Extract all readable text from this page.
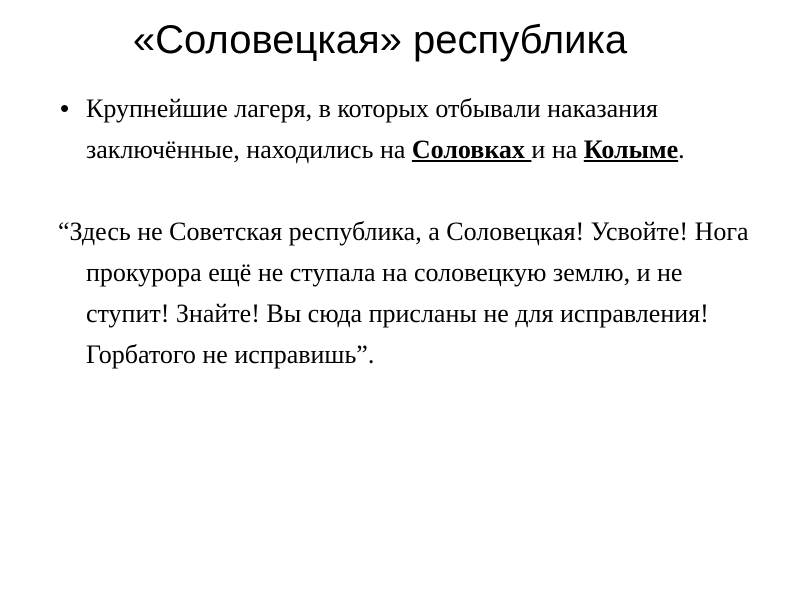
«Соловецкая» республика

• Крупнейшие лагеря, в которых отбывали наказания заключённые, находились на Соловках и на Колыме.

“Здесь не Советская республика, а Соловецкая! Усвойте! Нога прокурора ещё не ступала на соловецкую землю, и не ступит! Знайте! Вы сюда присланы не для исправления! Горбатого не исправишь”.
